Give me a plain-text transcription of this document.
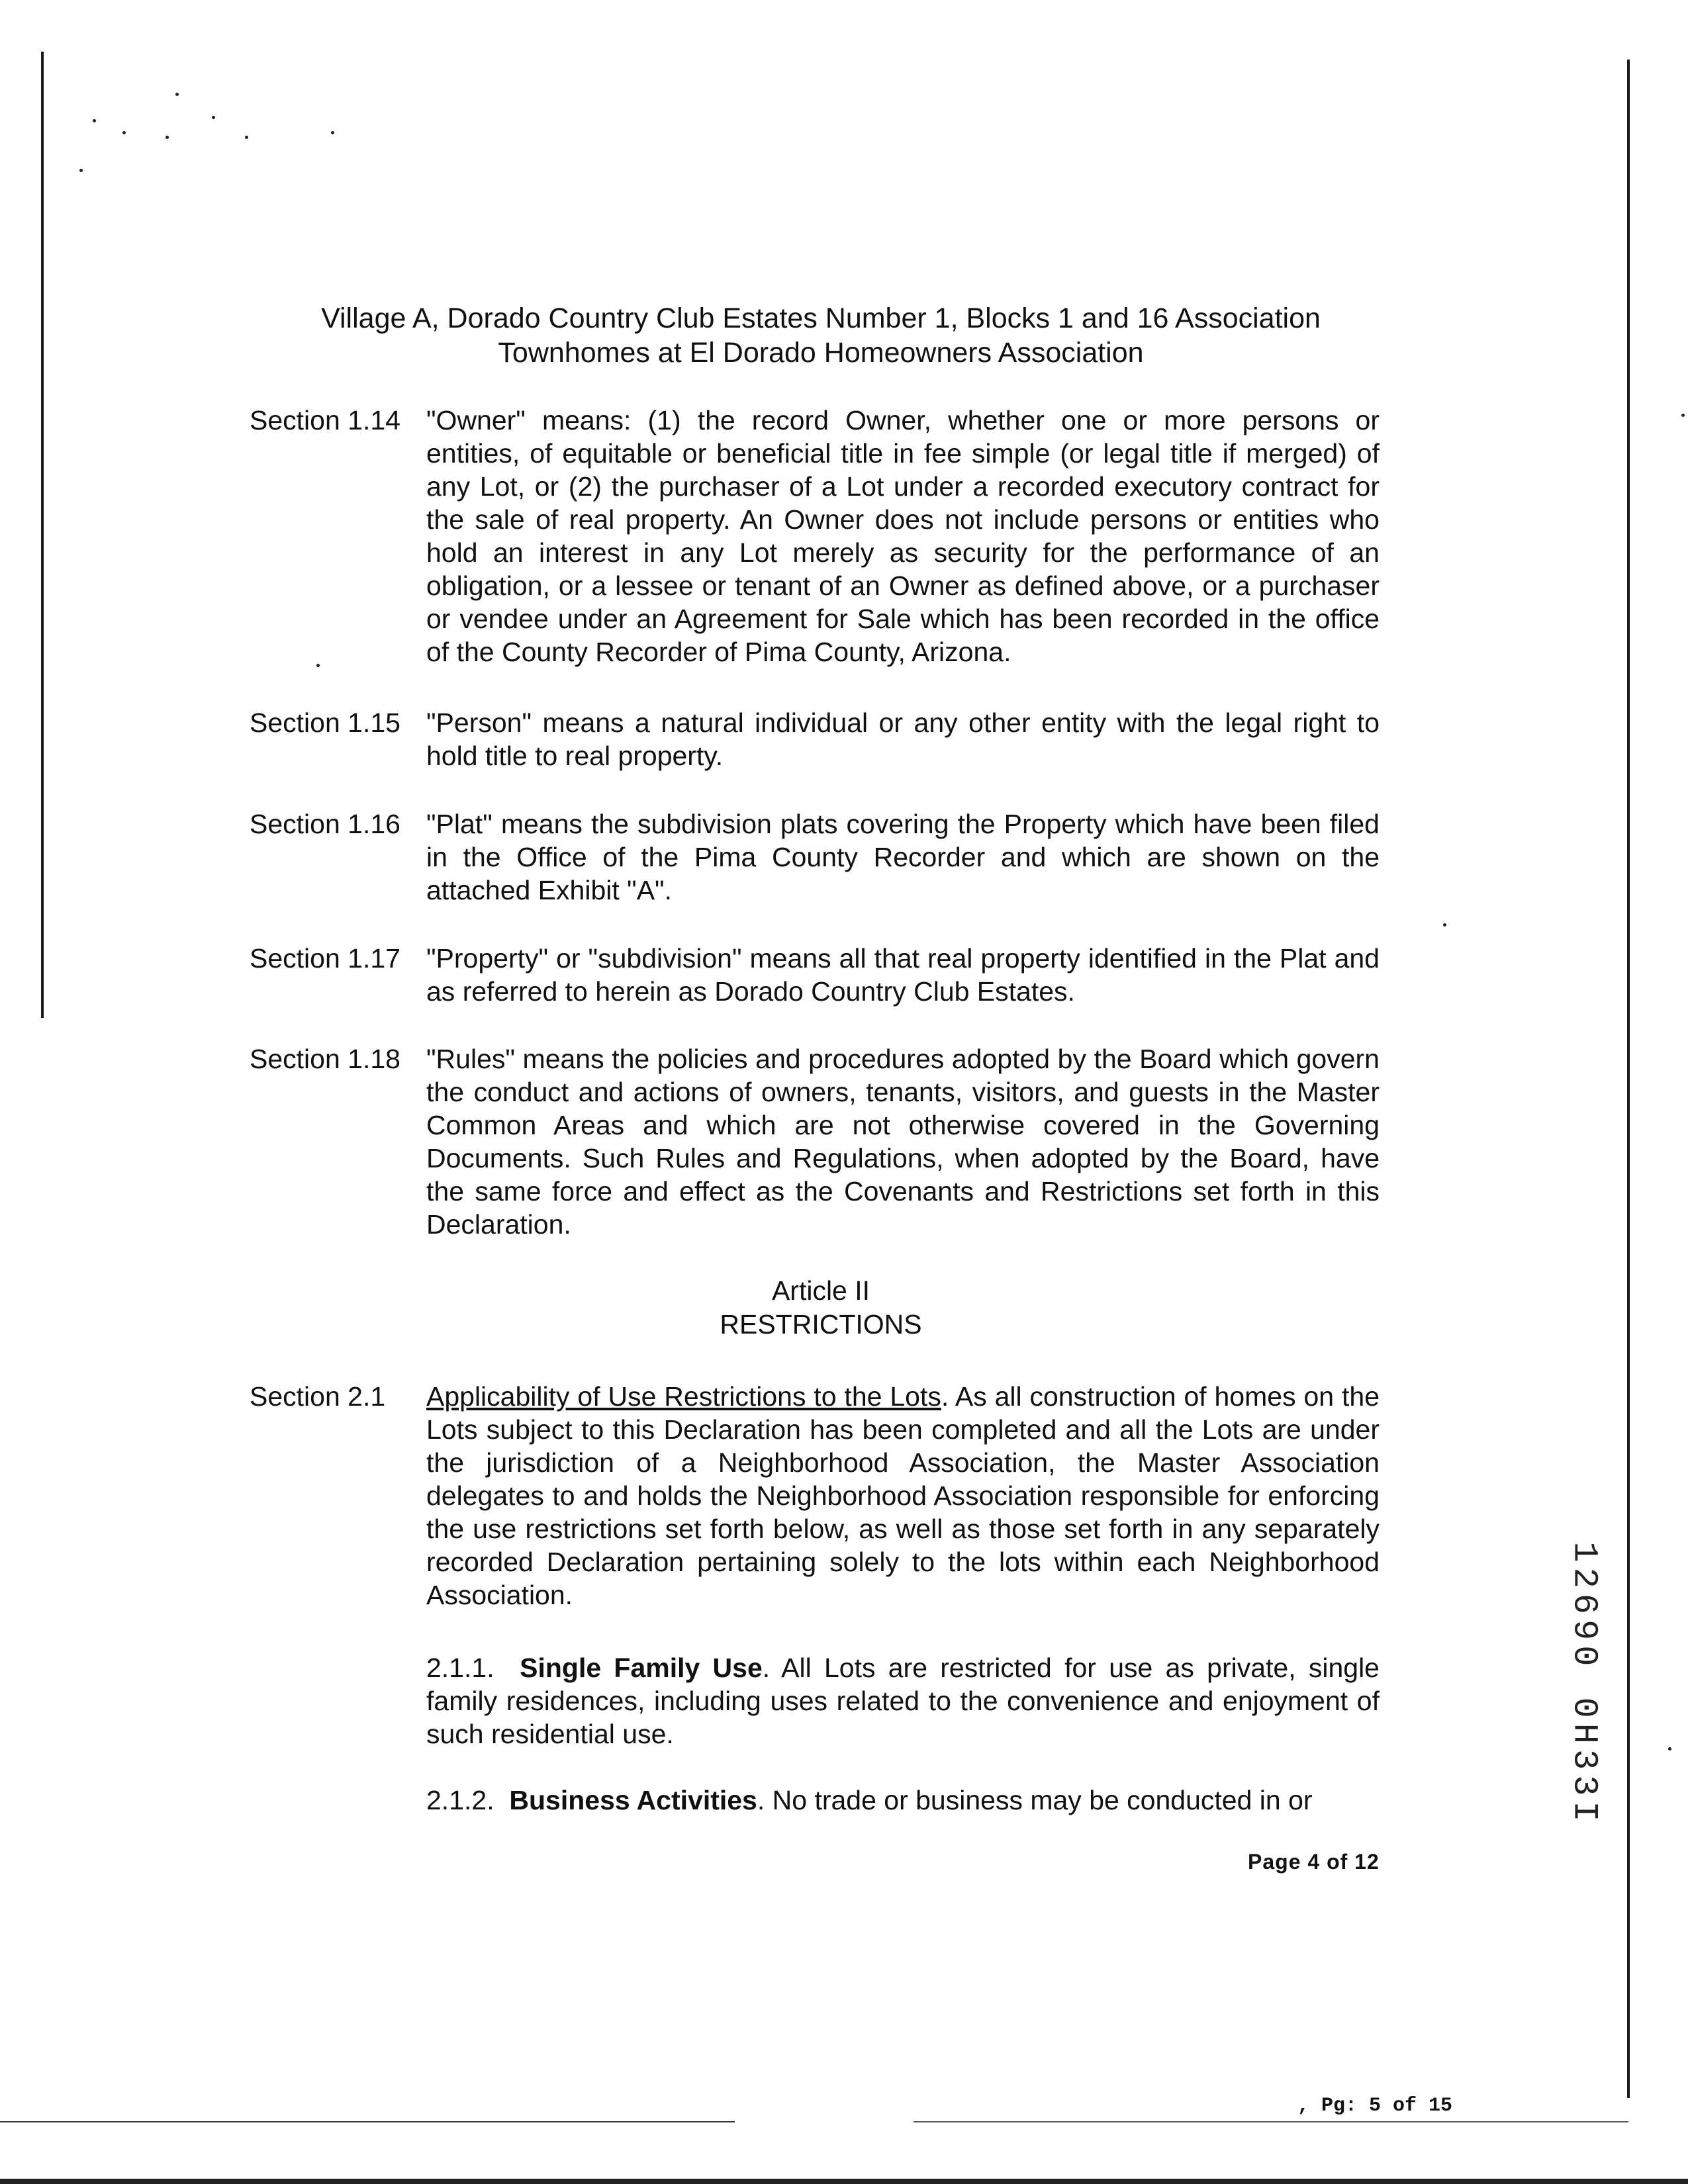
Village A, Dorado Country Club Estates Number 1, Blocks 1 and 16 Association
Townhomes at El Dorado Homeowners Association
Section 1.14 "Owner" means: (1) the record Owner, whether one or more persons or entities, of equitable or beneficial title in fee simple (or legal title if merged) of any Lot, or (2) the purchaser of a Lot under a recorded executory contract for the sale of real property. An Owner does not include persons or entities who hold an interest in any Lot merely as security for the performance of an obligation, or a lessee or tenant of an Owner as defined above, or a purchaser or vendee under an Agreement for Sale which has been recorded in the office of the County Recorder of Pima County, Arizona.
Section 1.15 "Person" means a natural individual or any other entity with the legal right to hold title to real property.
Section 1.16 "Plat" means the subdivision plats covering the Property which have been filed in the Office of the Pima County Recorder and which are shown on the attached Exhibit "A".
Section 1.17 "Property" or "subdivision" means all that real property identified in the Plat and as referred to herein as Dorado Country Club Estates.
Section 1.18 "Rules" means the policies and procedures adopted by the Board which govern the conduct and actions of owners, tenants, visitors, and guests in the Master Common Areas and which are not otherwise covered in the Governing Documents. Such Rules and Regulations, when adopted by the Board, have the same force and effect as the Covenants and Restrictions set forth in this Declaration.
Article II
RESTRICTIONS
Section 2.1	Applicability of Use Restrictions to the Lots. As all construction of homes on the Lots subject to this Declaration has been completed and all the Lots are under the jurisdiction of a Neighborhood Association, the Master Association delegates to and holds the Neighborhood Association responsible for enforcing the use restrictions set forth below, as well as those set forth in any separately recorded Declaration pertaining solely to the lots within each Neighborhood Association.
2.1.1. Single Family Use. All Lots are restricted for use as private, single family residences, including uses related to the convenience and enjoyment of such residential use.
2.1.2. Business Activities. No trade or business may be conducted in or
Page 4 of 12
, Pg: 5 of 15
12690 0H33I
